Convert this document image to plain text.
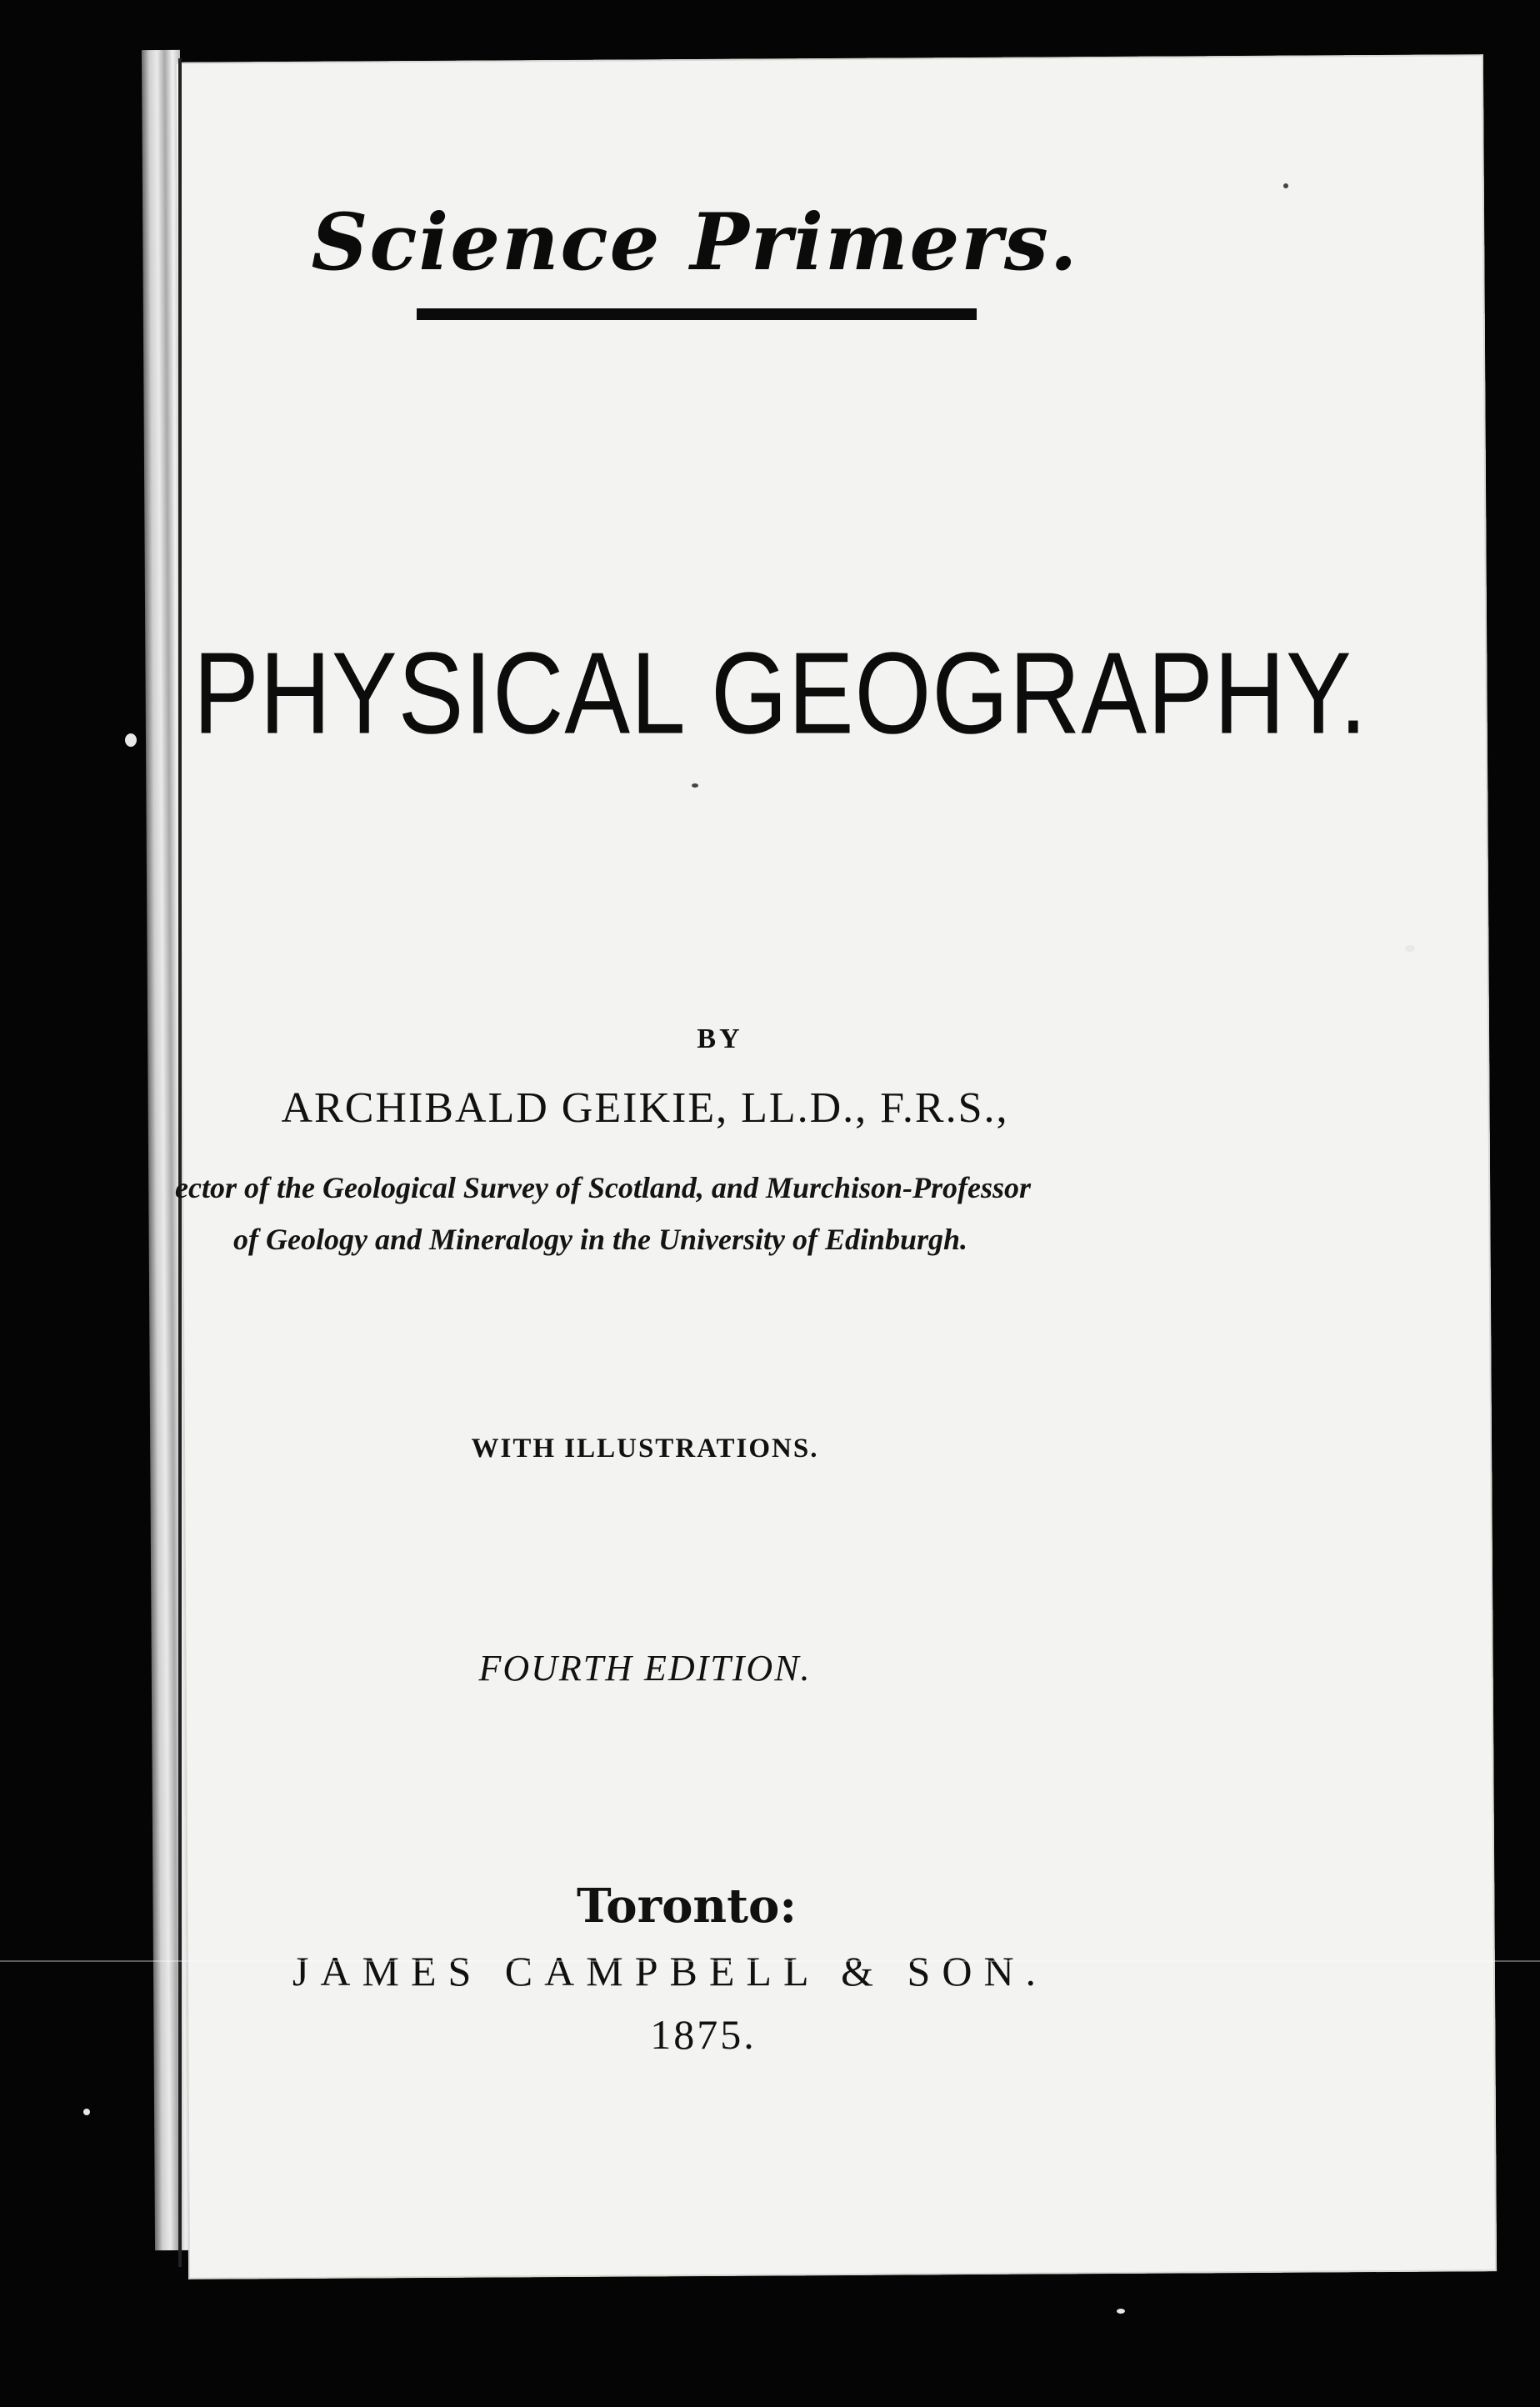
Science Primers.
PHYSICAL GEOGRAPHY.
BY
ARCHIBALD GEIKIE, LL.D., F.R.S.,
ector of the Geological Survey of Scotland, and Murchison-Professor
of Geology and Mineralogy in the University of Edinburgh.
WITH ILLUSTRATIONS.
FOURTH EDITION.
Toronto:
JAMES CAMPBELL & SON.
1875.
